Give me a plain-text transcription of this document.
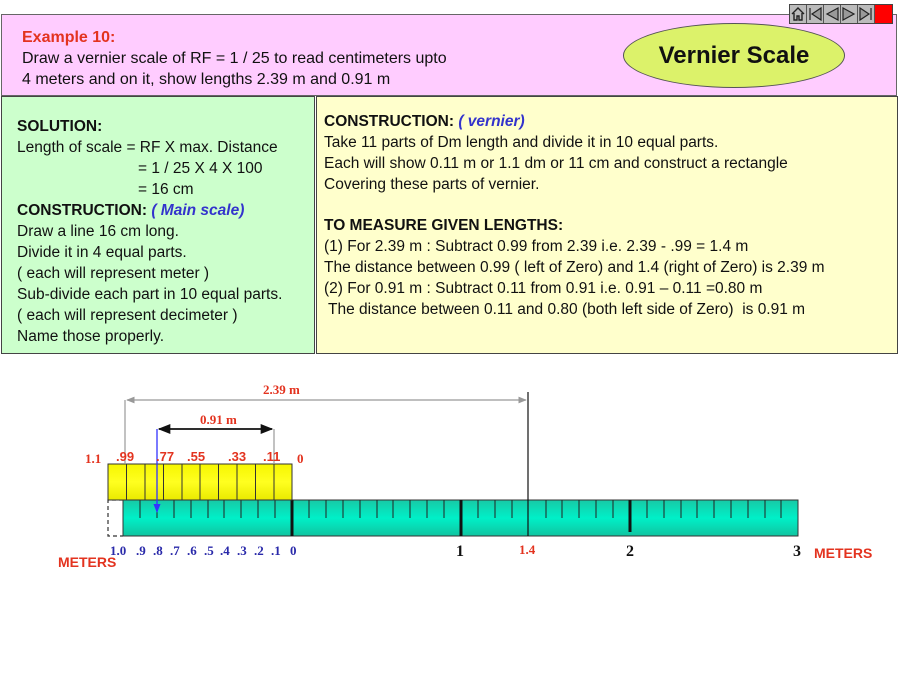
Example 10:
Draw a vernier scale of RF = 1 / 25 to read centimeters upto
4 meters and on it, show lengths 2.39 m and 0.91 m
Vernier Scale
SOLUTION:
Length of scale = RF X max. Distance
= 1 / 25 X 4 X 100
= 16 cm
CONSTRUCTION: ( Main scale)
Draw a line 16 cm long.
Divide it in 4 equal parts.
( each will represent meter )
Sub-divide each part in 10 equal parts.
( each will represent decimeter )
Name those properly.
CONSTRUCTION: ( vernier)
Take 11 parts of Dm length and divide it in 10 equal parts.
Each will show 0.11 m or 1.1 dm or 11 cm and construct a rectangle
Covering these parts of vernier.
TO MEASURE GIVEN LENGTHS:
(1) For 2.39 m : Subtract 0.99 from 2.39 i.e. 2.39 - .99 = 1.4 m
The distance between 0.99 ( left of Zero) and 1.4 (right of Zero) is 2.39 m
(2) For 0.91 m : Subtract 0.11 from 0.91 i.e. 0.91 – 0.11 =0.80 m
The distance between 0.11 and 0.80 (both left side of Zero)  is 0.91 m
2.39 m
0.91 m
1.1 .99 .77 .55 .33 .11 0
1.0 .9 .8 .7 .6 .5 .4 .3 .2 .1 0	1	1.4	2	3
METERS
METERS
